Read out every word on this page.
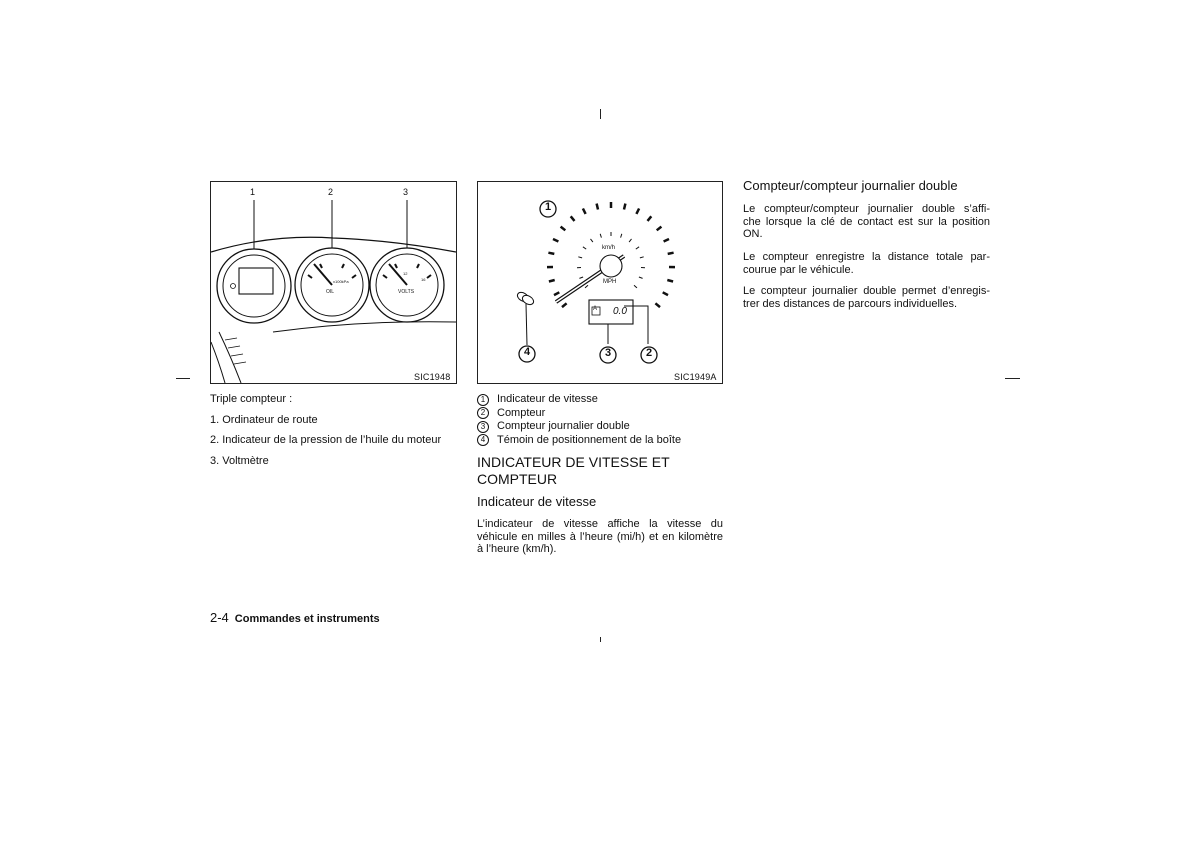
1	2	3
x100kPa
OIL
12
16
VOLTS
SIC1948
1
2
3
4
km/h
MPH
A 0.0
SIC1949A
Triple compteur :
1. Ordinateur de route
2. Indicateur de la pression de l’huile du moteur
3. Voltmètre
1	Indicateur de vitesse
2	Compteur
3	Compteur journalier double
4	Témoin de positionnement de la boîte
INDICATEUR DE VITESSE ET
COMPTEUR
Indicateur de vitesse
L’indicateur de vitesse affiche la vitesse du
véhicule en milles à l’heure (mi/h) et en kilomètre
à l’heure (km/h).
Compteur/compteur journalier double
Le compteur/compteur journalier double s’affi-
che lorsque la clé de contact est sur la position
ON.
Le compteur enregistre la distance totale par-
courue par le véhicule.
Le compteur journalier double permet d’enregis-
trer des distances de parcours individuelles.
2-4 Commandes et instruments
